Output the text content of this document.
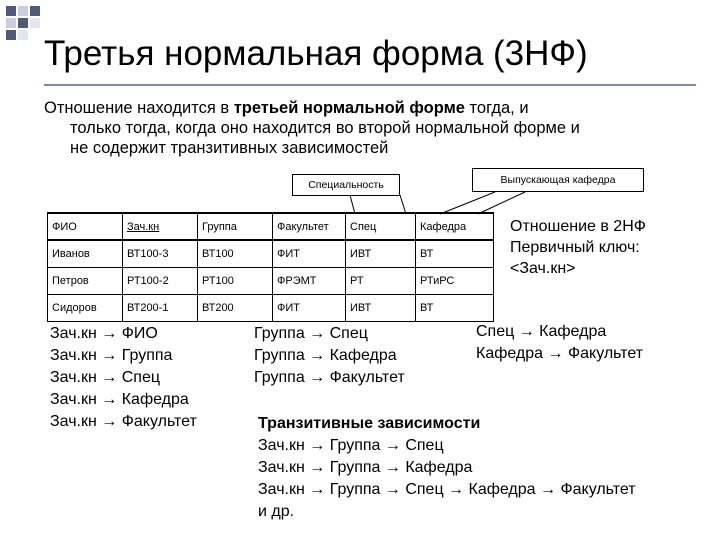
Третья нормальная форма (3НФ)
Отношение находится в третьей нормальной форме тогда, и
только тогда, когда оно находится во второй нормальной форме и
не содержит транзитивных зависимостей
Специальность	Выпускающая кафедра
ФИО	Зач.кн	Группа	Факультет	Спец	Кафедра
Иванов	ВТ100-3	ВТ100	ФИТ	ИВТ	ВТ
Петров	РТ100-2	РТ100	ФРЭМТ	РТ	РТиРС
Сидоров	ВТ200-1	ВТ200	ФИТ	ИВТ	ВТ
Отношение в 2НФ
Первичный ключ:
<Зач.кн>
Зач.кн → ФИО
Зач.кн → Группа
Зач.кн → Спец
Зач.кн → Кафедра
Зач.кн → Факультет
Группа → Спец
Группа → Кафедра
Группа → Факультет
Спец → Кафедра
Кафедра → Факультет
Транзитивные зависимости
Зач.кн → Группа → Спец
Зач.кн → Группа → Кафедра
Зач.кн → Группа → Спец → Кафедра → Факультет
и др.
